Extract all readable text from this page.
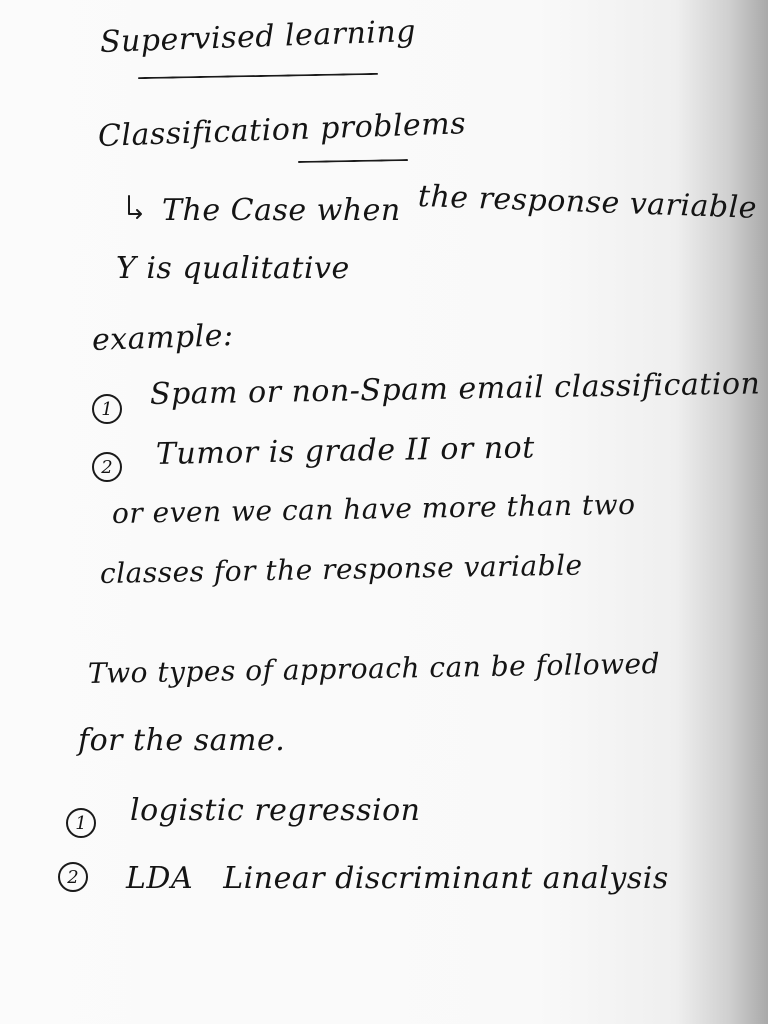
Supervised learning
Classification problems
The Case when the response variable
Y is qualitative
example:
1	Spam or non-Spam email classification
2	Tumor is grade II or not
or even we can have more than two
classes for the response variable
Two types of approach can be followed
for the same.
1	logistic regression
2	LDA   Linear discriminant analysis
